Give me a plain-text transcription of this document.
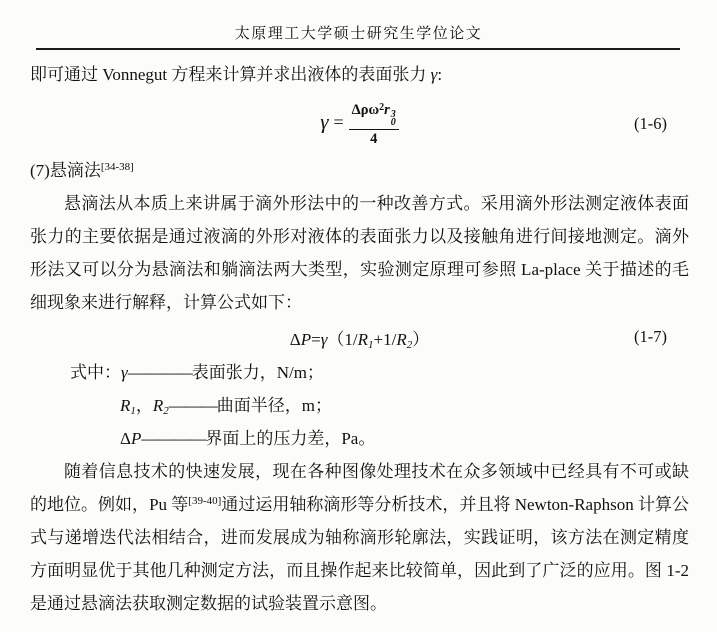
太原理工大学硕士研究生学位论文

即可通过 Vonnegut 方程来计算并求出液体的表面张力 γ:

γ = Δρω$^2$r 3
0
4	(1-6)

(7)悬滴法[34-38]

悬滴法从本质上来讲属于滴外形法中的一种改善方式。采用滴外形法测定液体表面张力的主要依据是通过液滴的外形对液体的表面张力以及接触角进行间接地测定。滴外形法又可以分为悬滴法和躺滴法两大类型，实验测定原理可参照 La-place 关于描述的毛细现象来进行解释，计算公式如下：

$\Delta P=\gamma(1/R_1+1/R_2)$	(1-7)
式中：γ————表面张力，N/m；
$R_1$，$R_2———$曲面半径，m；
ΔP————界面上的压力差，Pa。

随着信息技术的快速发展，现在各种图像处理技术在众多领域中已经具有不可或缺的地位。例如，Pu 等[39-40]通过运用轴称滴形等分析技术，并且将 Newton-Raphson 计算公式与递增迭代法相结合，进而发展成为轴称滴形轮廓法，实践证明，该方法在测定精度方面明显优于其他几种测定方法，而且操作起来比较简单，因此到了广泛的应用。图 1-2 是通过悬滴法获取测定数据的试验装置示意图。
